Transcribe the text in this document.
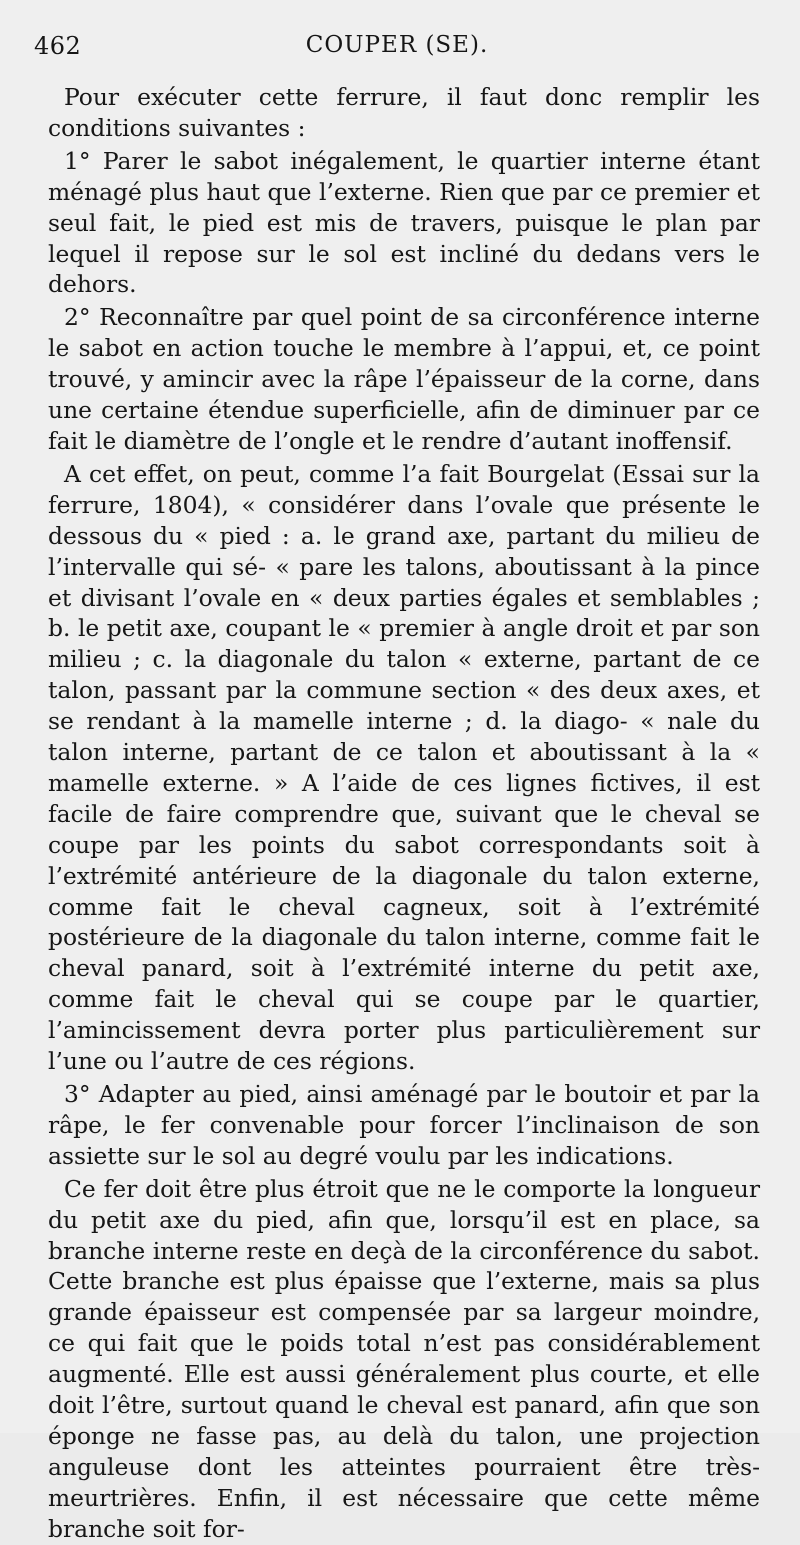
462	COUPER (SE).

Pour exécuter cette ferrure, il faut donc remplir les conditions suivantes :

1° Parer le sabot inégalement, le quartier interne étant ménagé plus haut que l’externe. Rien que par ce premier et seul fait, le pied est mis de travers, puisque le plan par lequel il repose sur le sol est incliné du dedans vers le dehors.

2° Reconnaître par quel point de sa circonférence interne le sabot en action touche le membre à l’appui, et, ce point trouvé, y amincir avec la râpe l’épaisseur de la corne, dans une certaine étendue superficielle, afin de diminuer par ce fait le diamètre de l’ongle et le rendre d’autant inoffensif.

A cet effet, on peut, comme l’a fait Bourgelat (Essai sur la ferrure, 1804), « considérer dans l’ovale que présente le dessous du « pied : a. le grand axe, partant du milieu de l’intervalle qui sé- « pare les talons, aboutissant à la pince et divisant l’ovale en « deux parties égales et semblables ; b. le petit axe, coupant le « premier à angle droit et par son milieu ; c. la diagonale du talon « externe, partant de ce talon, passant par la commune section « des deux axes, et se rendant à la mamelle interne ; d. la diago- « nale du talon interne, partant de ce talon et aboutissant à la « mamelle externe. » A l’aide de ces lignes fictives, il est facile de faire comprendre que, suivant que le cheval se coupe par les points du sabot correspondants soit à l’extrémité antérieure de la diagonale du talon externe, comme fait le cheval cagneux, soit à l’extrémité postérieure de la diagonale du talon interne, comme fait le cheval panard, soit à l’extrémité interne du petit axe, comme fait le cheval qui se coupe par le quartier, l’amincissement devra porter plus particulièrement sur l’une ou l’autre de ces régions.

3° Adapter au pied, ainsi aménagé par le boutoir et par la râpe, le fer convenable pour forcer l’inclinaison de son assiette sur le sol au degré voulu par les indications.

Ce fer doit être plus étroit que ne le comporte la longueur du petit axe du pied, afin que, lorsqu’il est en place, sa branche interne reste en deçà de la circonférence du sabot. Cette branche est plus épaisse que l’externe, mais sa plus grande épaisseur est compensée par sa largeur moindre, ce qui fait que le poids total n’est pas considérablement augmenté. Elle est aussi généralement plus courte, et elle doit l’être, surtout quand le cheval est panard, afin que son éponge ne fasse pas, au delà du talon, une projection anguleuse dont les atteintes pourraient être très-meurtrières. Enfin, il est nécessaire que cette même branche soit for-
